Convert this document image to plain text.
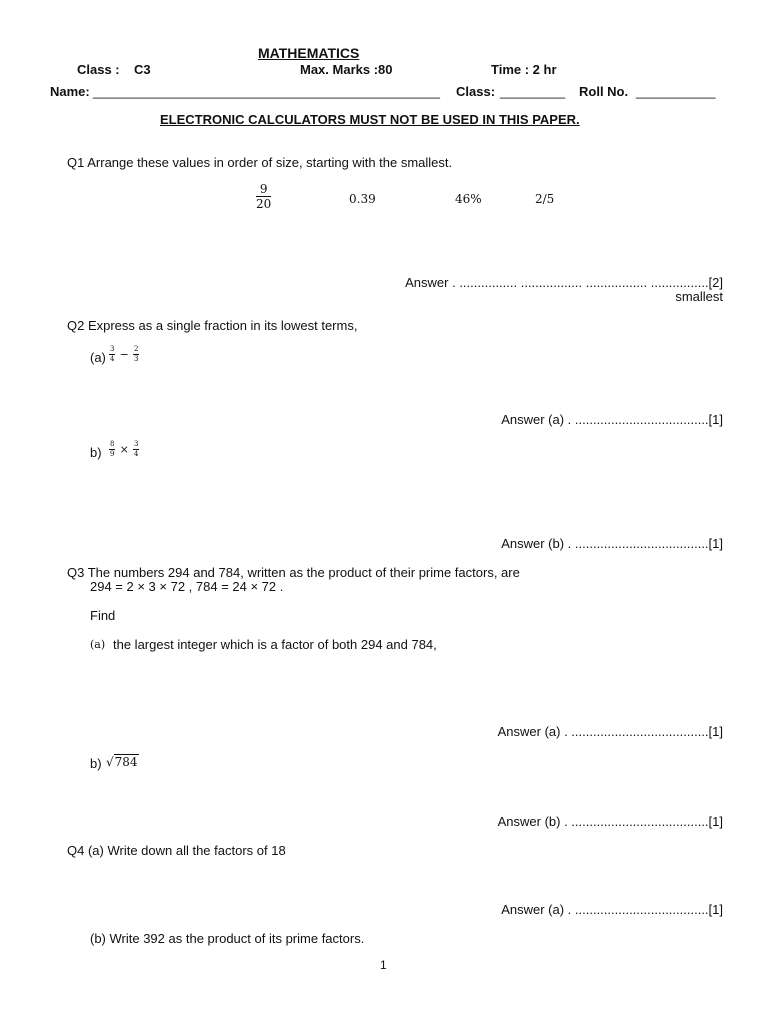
MATHEMATICS
Class : C3	Max. Marks :80	Time : 2 hr
Name: ________________________________________________ Class: _________ Roll No. ___________
ELECTRONIC CALCULATORS MUST NOT BE USED IN THIS PAPER.
Q1 Arrange these values in order of size, starting with the smallest.
$\frac{9}{20}$	0.39	46%	2/5
Answer . ................ ................. ................. ................[2]
smallest
Q2 Express as a single fraction in its lowest terms,
$(a) \frac{3}{4} - \frac{2}{3}$
Answer (a) . .....................................[1]
$b) \frac{8}{9} \times \frac{3}{4}$
Answer (b) . .....................................[1]
Q3 The numbers 294 and 784, written as the product of their prime factors, are
294 = 2 × 3 × 72 , 784 = 24 × 72 .
Find
(a) the largest integer which is a factor of both 294 and 784,
Answer (a) . ......................................[1]
b) √784
Answer (b) . ......................................[1]
Q4 (a) Write down all the factors of 18
Answer (a) . .....................................[1]
(b) Write 392 as the product of its prime factors.
1
